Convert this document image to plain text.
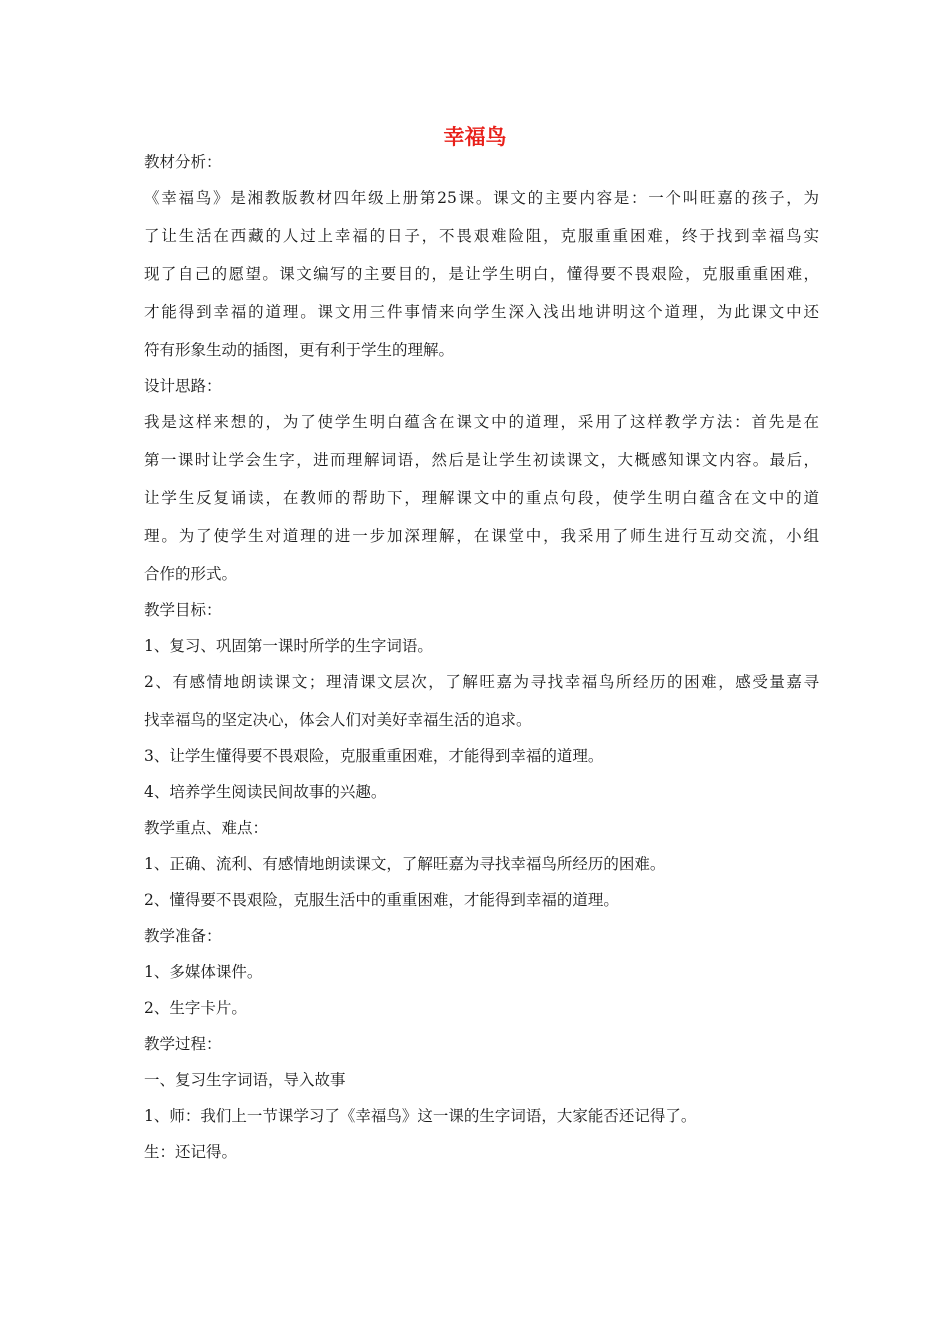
幸福鸟
教材分析：
《幸福鸟》是湘教版教材四年级上册第25课。课文的主要内容是：一个叫旺嘉的孩子，为
了让生活在西藏的人过上幸福的日子，不畏艰难险阻，克服重重困难，终于找到幸福鸟实
现了自己的愿望。课文编写的主要目的，是让学生明白，懂得要不畏艰险，克服重重困难，
才能得到幸福的道理。课文用三件事情来向学生深入浅出地讲明这个道理，为此课文中还
符有形象生动的插图，更有利于学生的理解。
设计思路：
我是这样来想的，为了使学生明白蕴含在课文中的道理，采用了这样教学方法：首先是在
第一课时让学会生字，进而理解词语，然后是让学生初读课文，大概感知课文内容。最后，
让学生反复诵读，在教师的帮助下，理解课文中的重点句段，使学生明白蕴含在文中的道
理。为了使学生对道理的进一步加深理解，在课堂中，我采用了师生进行互动交流，小组
合作的形式。
教学目标：
1、复习、巩固第一课时所学的生字词语。
2、有感情地朗读课文；理清课文层次，了解旺嘉为寻找幸福鸟所经历的困难，感受量嘉寻
找幸福鸟的坚定决心，体会人们对美好幸福生活的追求。
3、让学生懂得要不畏艰险，克服重重困难，才能得到幸福的道理。
4、培养学生阅读民间故事的兴趣。
教学重点、难点：
1、正确、流利、有感情地朗读课文，了解旺嘉为寻找幸福鸟所经历的困难。
2、懂得要不畏艰险，克服生活中的重重困难，才能得到幸福的道理。
教学准备：
1、多媒体课件。
2、生字卡片。
教学过程：
一、复习生字词语，导入故事
1、师：我们上一节课学习了《幸福鸟》这一课的生字词语，大家能否还记得了。
生：还记得。
